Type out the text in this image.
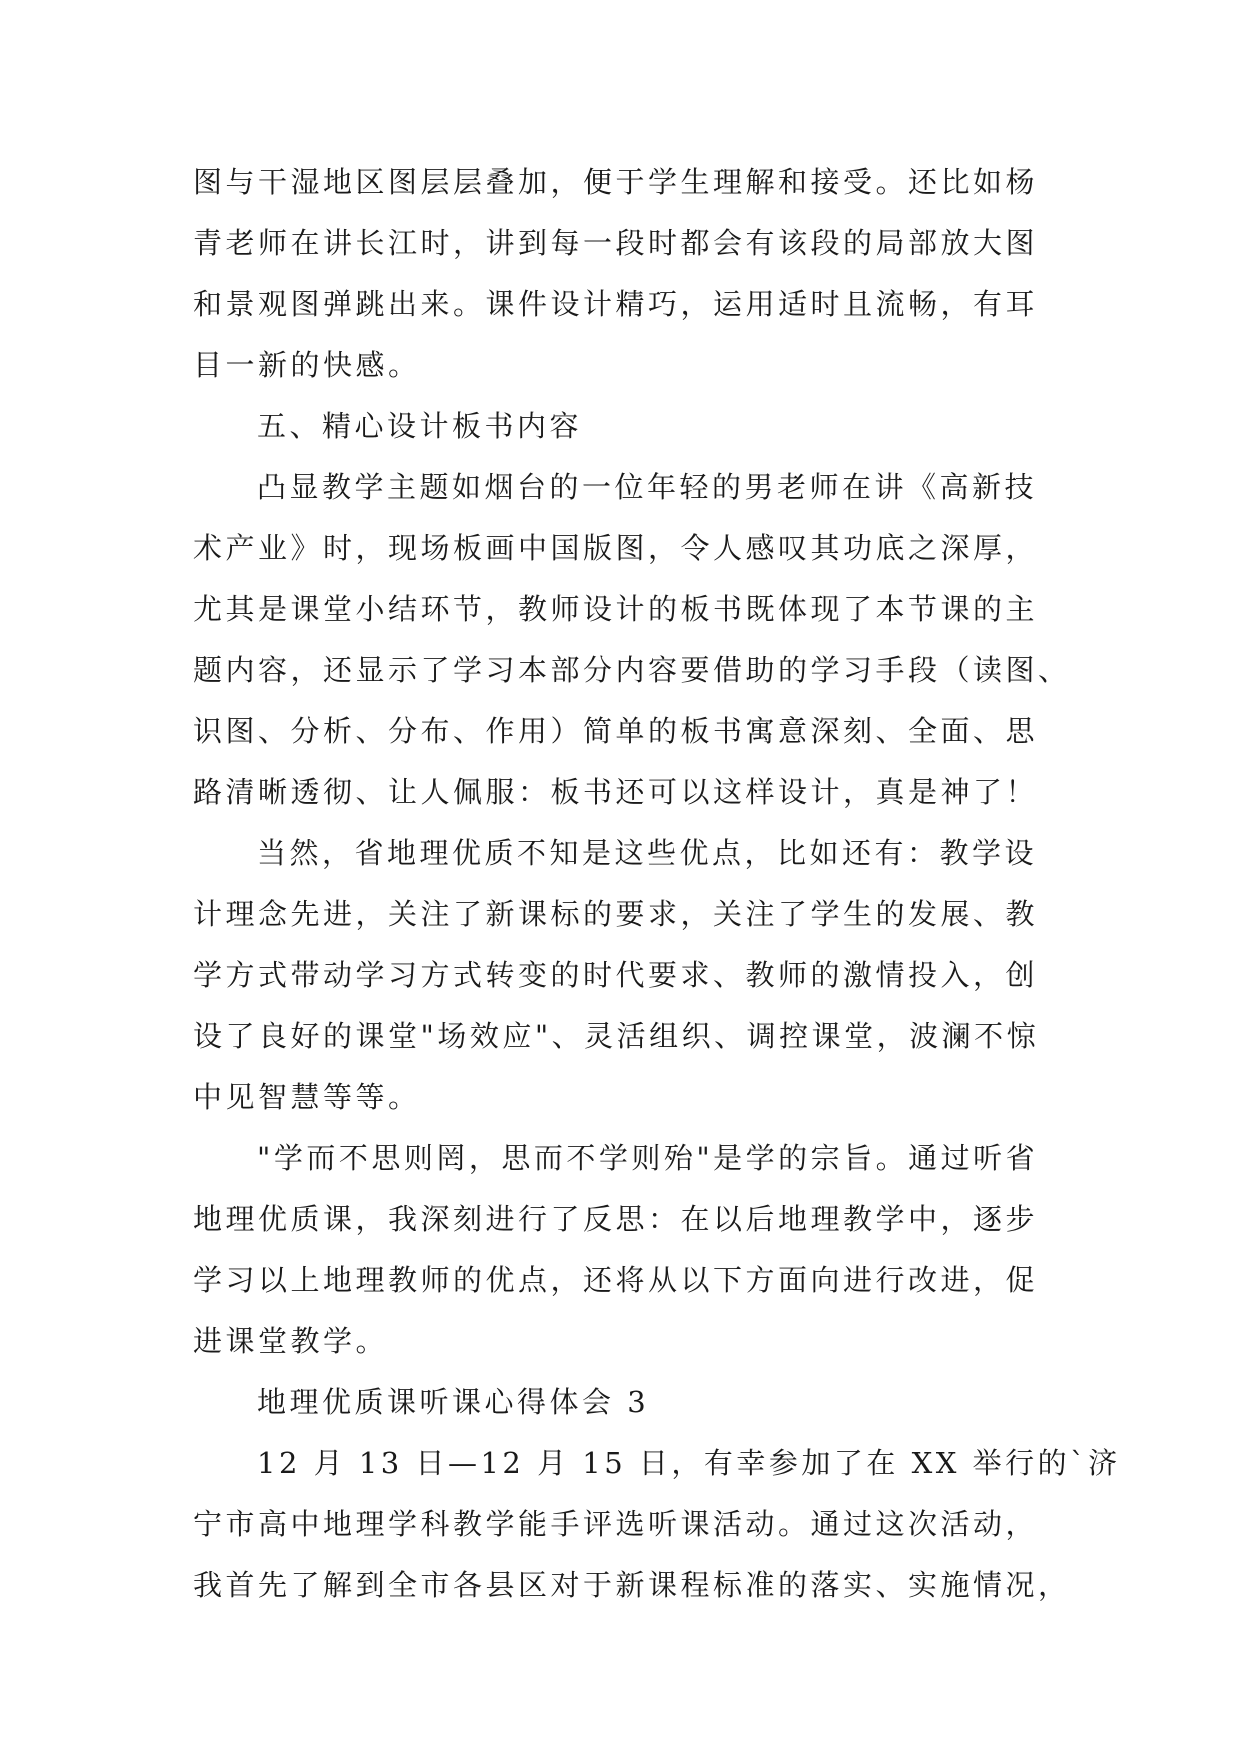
图与干湿地区图层层叠加，便于学生理解和接受。还比如杨
青老师在讲长江时，讲到每一段时都会有该段的局部放大图
和景观图弹跳出来。课件设计精巧，运用适时且流畅，有耳
目一新的快感。
五、精心设计板书内容
凸显教学主题如烟台的一位年轻的男老师在讲《高新技
术产业》时，现场板画中国版图，令人感叹其功底之深厚，
尤其是课堂小结环节，教师设计的板书既体现了本节课的主
题内容，还显示了学习本部分内容要借助的学习手段（读图、
识图、分析、分布、作用）简单的板书寓意深刻、全面、思
路清晰透彻、让人佩服：板书还可以这样设计，真是神了！
当然，省地理优质不知是这些优点，比如还有：教学设
计理念先进，关注了新课标的要求，关注了学生的发展、教
学方式带动学习方式转变的时代要求、教师的激情投入，创
设了良好的课堂"场效应"、灵活组织、调控课堂，波澜不惊
中见智慧等等。
"学而不思则罔，思而不学则殆"是学的宗旨。通过听省
地理优质课，我深刻进行了反思：在以后地理教学中，逐步
学习以上地理教师的优点，还将从以下方面向进行改进，促
进课堂教学。
地理优质课听课心得体会 3
12 月 13 日—12 月 15 日，有幸参加了在 XX 举行的`济
宁市高中地理学科教学能手评选听课活动。通过这次活动，
我首先了解到全市各县区对于新课程标准的落实、实施情况，
